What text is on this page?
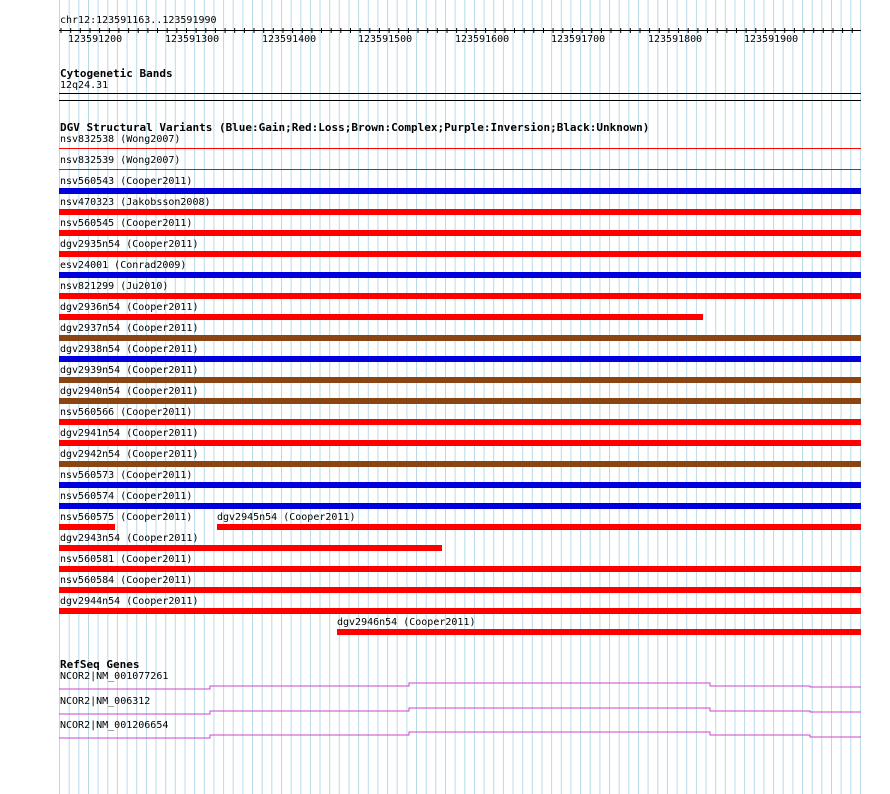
chr12:123591163..123591990
123591200	123591300	123591400	123591500	123591600	123591700	123591800	123591900
Cytogenetic Bands
12q24.31
DGV Structural Variants (Blue:Gain;Red:Loss;Brown:Complex;Purple:Inversion;Black:Unknown)
nsv832538 (Wong2007)
nsv832539 (Wong2007)
nsv560543 (Cooper2011)
nsv470323 (Jakobsson2008)
nsv560545 (Cooper2011)
dgv2935n54 (Cooper2011)
esv24001 (Conrad2009)
nsv821299 (Ju2010)
dgv2936n54 (Cooper2011)
dgv2937n54 (Cooper2011)
dgv2938n54 (Cooper2011)
dgv2939n54 (Cooper2011)
dgv2940n54 (Cooper2011)
nsv560566 (Cooper2011)
dgv2941n54 (Cooper2011)
dgv2942n54 (Cooper2011)
nsv560573 (Cooper2011)
nsv560574 (Cooper2011)
nsv560575 (Cooper2011) dgv2945n54 (Cooper2011)
dgv2943n54 (Cooper2011)
nsv560581 (Cooper2011)
nsv560584 (Cooper2011)
dgv2944n54 (Cooper2011)
dgv2946n54 (Cooper2011)
RefSeq Genes
NCOR2|NM_001077261
NCOR2|NM_006312
NCOR2|NM_001206654
